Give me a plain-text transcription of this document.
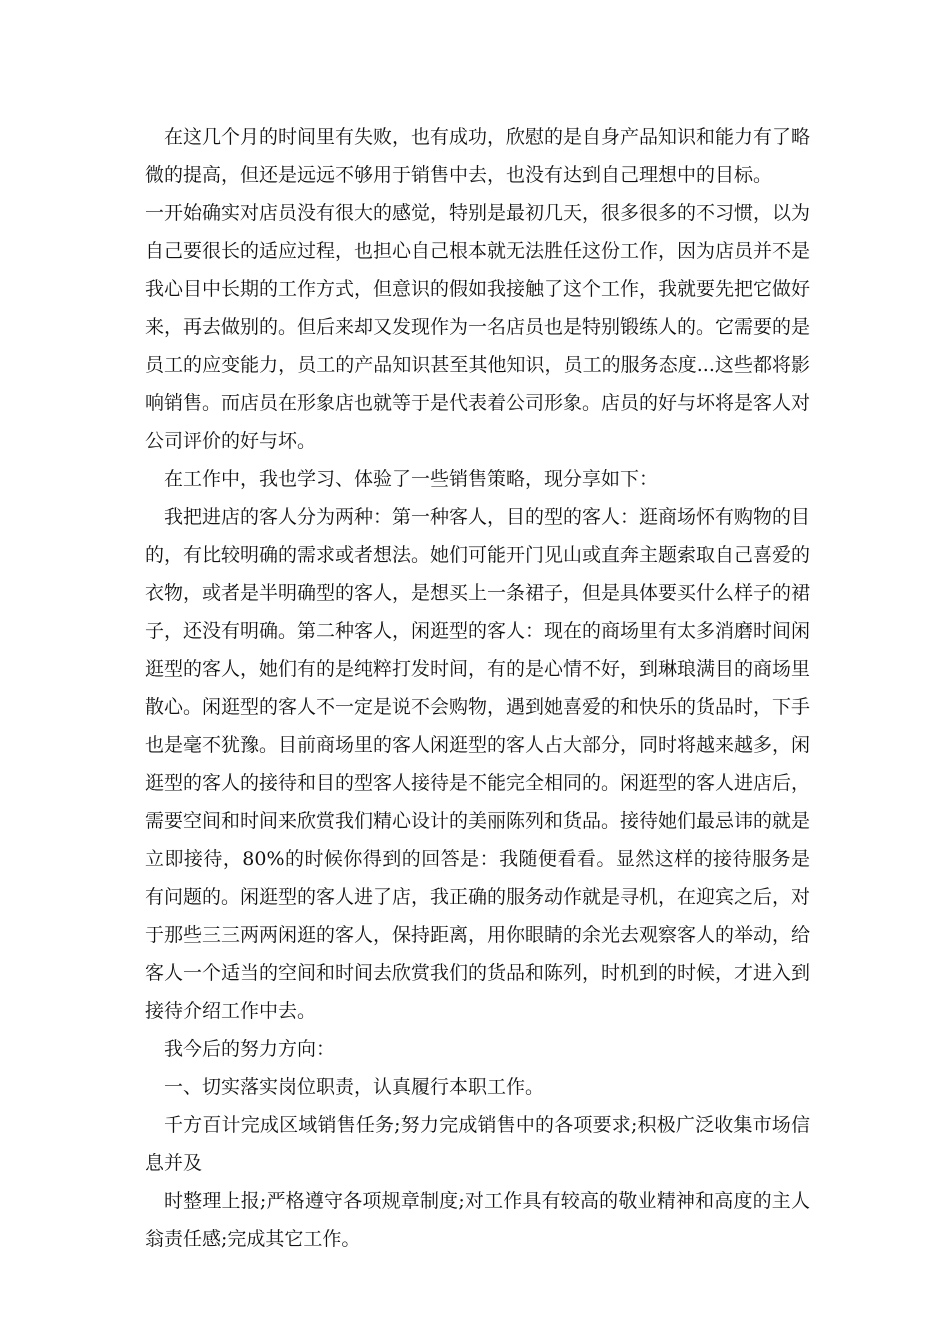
在这几个月的时间里有失败，也有成功，欣慰的是自身产品知识和能力有了略微的提高，但还是远远不够用于销售中去，也没有达到自己理想中的目标。

一开始确实对店员没有很大的感觉，特别是最初几天，很多很多的不习惯，以为自己要很长的适应过程，也担心自己根本就无法胜任这份工作，因为店员并不是我心目中长期的工作方式，但意识的假如我接触了这个工作，我就要先把它做好来，再去做别的。但后来却又发现作为一名店员也是特别锻练人的。它需要的是员工的应变能力，员工的产品知识甚至其他知识，员工的服务态度...这些都将影响销售。而店员在形象店也就等于是代表着公司形象。店员的好与坏将是客人对公司评价的好与坏。

在工作中，我也学习、体验了一些销售策略，现分享如下：

我把进店的客人分为两种：第一种客人，目的型的客人：逛商场怀有购物的目的，有比较明确的需求或者想法。她们可能开门见山或直奔主题索取自己喜爱的衣物，或者是半明确型的客人，是想买上一条裙子，但是具体要买什么样子的裙子，还没有明确。第二种客人，闲逛型的客人：现在的商场里有太多消磨时间闲逛型的客人，她们有的是纯粹打发时间，有的是心情不好，到琳琅满目的商场里散心。闲逛型的客人不一定是说不会购物，遇到她喜爱的和快乐的货品时，下手也是毫不犹豫。目前商场里的客人闲逛型的客人占大部分，同时将越来越多，闲逛型的客人的接待和目的型客人接待是不能完全相同的。闲逛型的客人进店后，需要空间和时间来欣赏我们精心设计的美丽陈列和货品。接待她们最忌讳的就是立即接待，80%的时候你得到的回答是：我随便看看。显然这样的接待服务是有问题的。闲逛型的客人进了店，我正确的服务动作就是寻机，在迎宾之后，对于那些三三两两闲逛的客人，保持距离，用你眼睛的余光去观察客人的举动，给客人一个适当的空间和时间去欣赏我们的货品和陈列，时机到的时候，才进入到接待介绍工作中去。

我今后的努力方向：

一、切实落实岗位职责，认真履行本职工作。

千方百计完成区域销售任务;努力完成销售中的各项要求;积极广泛收集市场信息并及

时整理上报;严格遵守各项规章制度;对工作具有较高的敬业精神和高度的主人翁责任感;完成其它工作。
